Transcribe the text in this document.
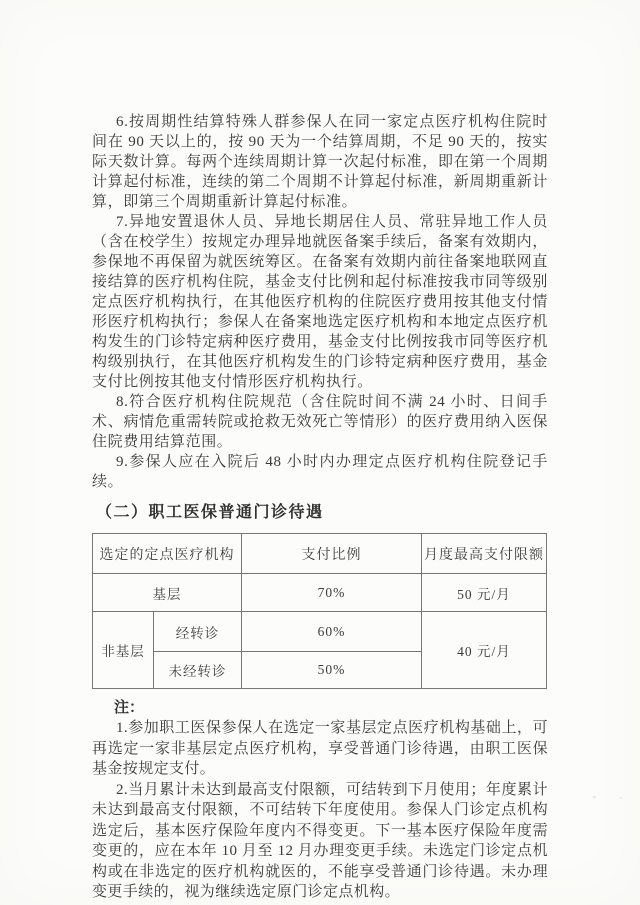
6.按周期性结算特殊人群参保人在同一家定点医疗机构住院时间在 90 天以上的，按 90 天为一个结算周期，不足 90 天的，按实际天数计算。每两个连续周期计算一次起付标准，即在第一个周期计算起付标准，连续的第二个周期不计算起付标准，新周期重新计算，即第三个周期重新计算起付标准。

7.异地安置退休人员、异地长期居住人员、常驻异地工作人员（含在校学生）按规定办理异地就医备案手续后，备案有效期内，参保地不再保留为就医统筹区。在备案有效期内前往备案地联网直接结算的医疗机构住院，基金支付比例和起付标准按我市同等级别定点医疗机构执行，在其他医疗机构的住院医疗费用按其他支付情形医疗机构执行；参保人在备案地选定医疗机构和本地定点医疗机构发生的门诊特定病种医疗费用，基金支付比例按我市同等医疗机构级别执行，在其他医疗机构发生的门诊特定病种医疗费用，基金支付比例按其他支付情形医疗机构执行。

8.符合医疗机构住院规范（含住院时间不满 24 小时、日间手术、病情危重需转院或抢救无效死亡等情形）的医疗费用纳入医保住院费用结算范围。

9.参保人应在入院后 48 小时内办理定点医疗机构住院登记手续。

（二）职工医保普通门诊待遇
选定的定点医疗机构		支付比例	月度最高支付限额
基层		70%	50 元/月
非基层	经转诊	60%	40 元/月
	未经转诊	50%	

注：

1.参加职工医保参保人在选定一家基层定点医疗机构基础上，可再选定一家非基层定点医疗机构，享受普通门诊待遇，由职工医保基金按规定支付。

2.当月累计未达到最高支付限额，可结转到下月使用；年度累计未达到最高支付限额，不可结转下年度使用。参保人门诊定点机构选定后，基本医疗保险年度内不得变更。下一基本医疗保险年度需变更的，应在本年 10 月至 12 月办理变更手续。未选定门诊定点机构或在非选定的医疗机构就医的，不能享受普通门诊待遇。未办理变更手续的，视为继续选定原门诊定点机构。
